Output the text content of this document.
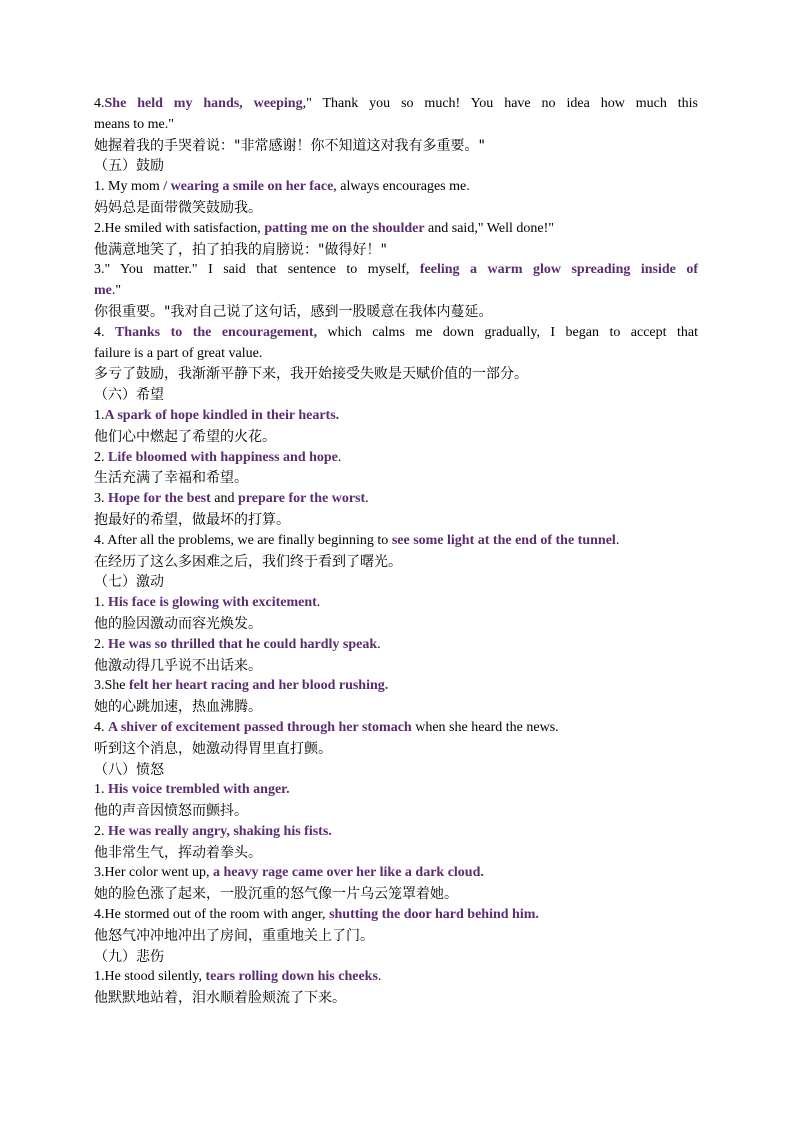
4.She held my hands, weeping," Thank you so much! You have no idea how much this

means to me."

她握着我的手哭着说："非常感谢！你不知道这对我有多重要。"

（五）鼓励

1. My mom / wearing a smile on her face, always encourages me.

妈妈总是面带微笑鼓励我。

2.He smiled with satisfaction, patting me on the shoulder and said," Well done!"

他满意地笑了，拍了拍我的肩膀说："做得好！"

3." You matter." I said that sentence to myself, feeling a warm glow spreading inside of

me."

你很重要。"我对自己说了这句话，感到一股暖意在我体内蔓延。

4. Thanks to the encouragement, which calms me down gradually, I began to accept that

failure is a part of great value.

多亏了鼓励，我渐渐平静下来，我开始接受失败是天赋价值的一部分。

（六）希望

1.A spark of hope kindled in their hearts.

他们心中燃起了希望的火花。

2. Life bloomed with happiness and hope.

生活充满了幸福和希望。

3. Hope for the best and prepare for the worst.

抱最好的希望，做最坏的打算。

4. After all the problems, we are finally beginning to see some light at the end of the tunnel.

在经历了这么多困难之后，我们终于看到了曙光。

（七）激动

1. His face is glowing with excitement.

他的脸因激动而容光焕发。

2. He was so thrilled that he could hardly speak.

他激动得几乎说不出话来。

3.She felt her heart racing and her blood rushing.

她的心跳加速，热血沸腾。

4. A shiver of excitement passed through her stomach when she heard the news.

听到这个消息，她激动得胃里直打颤。

（八）愤怒

1. His voice trembled with anger.

他的声音因愤怒而颤抖。

2. He was really angry, shaking his fists.

他非常生气，挥动着拳头。

3.Her color went up, a heavy rage came over her like a dark cloud.

她的脸色涨了起来，一股沉重的怒气像一片乌云笼罩着她。

4.He stormed out of the room with anger, shutting the door hard behind him.

他怒气冲冲地冲出了房间，重重地关上了门。

（九）悲伤

1.He stood silently, tears rolling down his cheeks.

他默默地站着，泪水顺着脸颊流了下来。
